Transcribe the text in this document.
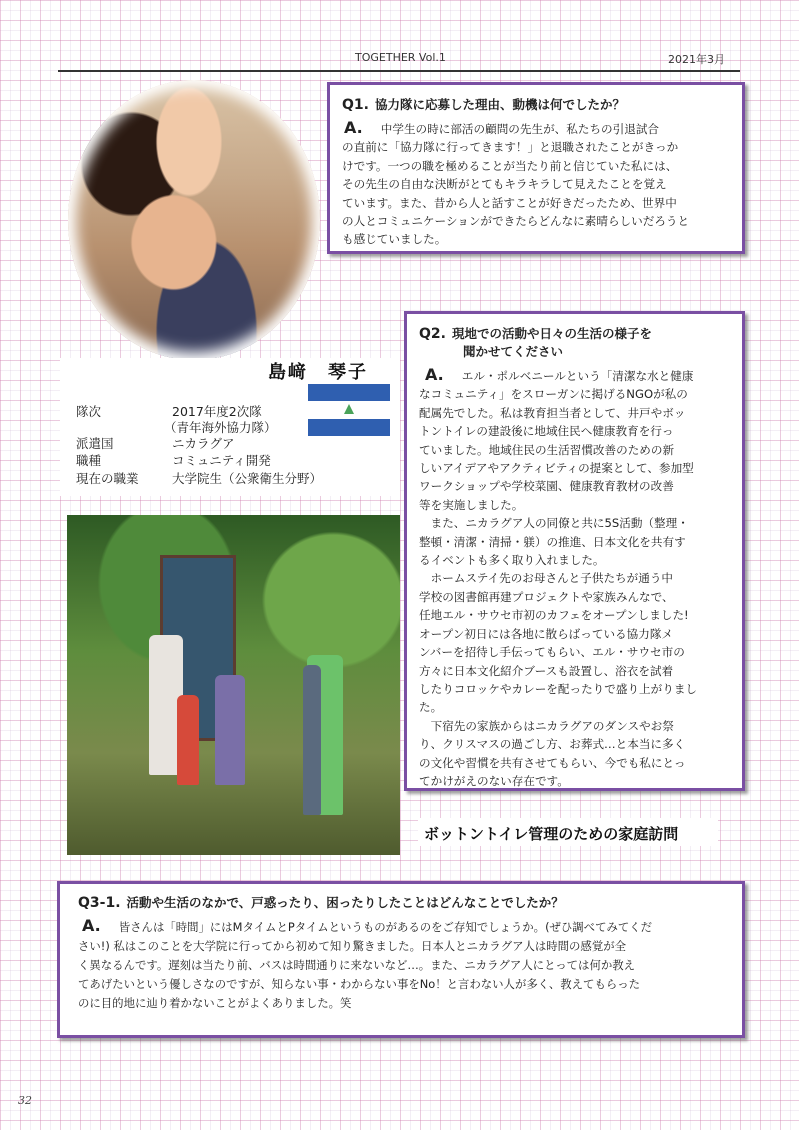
TOGETHER Vol.1	2021年3月
Q1. 協力隊に応募した理由、動機は何でしたか？
A. 中学生の時に部活の顧問の先生が、私たちの引退試合
の直前に「協力隊に行ってきます！」と退職されたことがきっか
けです。一つの職を極めることが当たり前と信じていた私には、
その先生の自由な決断がとてもキラキラして見えたことを覚え
ています。また、昔から人と話すことが好きだったため、世界中
の人とコミュニケーションができたらどんなに素晴らしいだろうと
も感じていました。
島﨑　琴子
隊次	2017年度2次隊
（青年海外協力隊）
派遣国	ニカラグア
職種	コミュニティ開発
現在の職業	大学院生（公衆衛生分野）
Q2. 現地での活動や日々の生活の様子を
聞かせてください
A. エル・ポルベニールという「清潔な水と健康
なコミュニティ」をスローガンに掲げるNGOが私の
配属先でした。私は教育担当者として、井戸やボッ
トントイレの建設後に地域住民へ健康教育を行っ
ていました。地域住民の生活習慣改善のための新
しいアイデアやアクティビティの提案として、参加型
ワークショップや学校菜園、健康教育教材の改善
等を実施しました。
　また、ニカラグア人の同僚と共に5S活動（整理・
整頓・清潔・清掃・躾）の推進、日本文化を共有す
るイベントも多く取り入れました。
　ホームステイ先のお母さんと子供たちが通う中
学校の図書館再建プロジェクトや家族みんなで、
任地エル・サウセ市初のカフェをオープンしました!
オープン初日には各地に散らばっている協力隊メ
ンバーを招待し手伝ってもらい、エル・サウセ市の
方々に日本文化紹介ブースも設置し、浴衣を試着
したりコロッケやカレーを配ったりで盛り上がりまし
た。
　下宿先の家族からはニカラグアのダンスやお祭
り、クリスマスの過ごし方、お葬式…と本当に多く
の文化や習慣を共有させてもらい、今でも私にとっ
てかけがえのない存在です。
ボットントイレ管理のための家庭訪問
Q3-1. 活動や生活のなかで、戸惑ったり、困ったりしたことはどんなことでしたか？
A. 皆さんは「時間」にはMタイムとPタイムというものがあるのをご存知でしょうか。(ぜひ調べてみてくだ
さい!) 私はこのことを大学院に行ってから初めて知り驚きました。日本人とニカラグア人は時間の感覚が全
く異なるんです。遅刻は当たり前、バスは時間通りに来ないなど…。また、ニカラグア人にとっては何か教え
てあげたいという優しさなのですが、知らない事・わからない事をNo！と言わない人が多く、教えてもらった
のに目的地に辿り着かないことがよくありました。笑
32
